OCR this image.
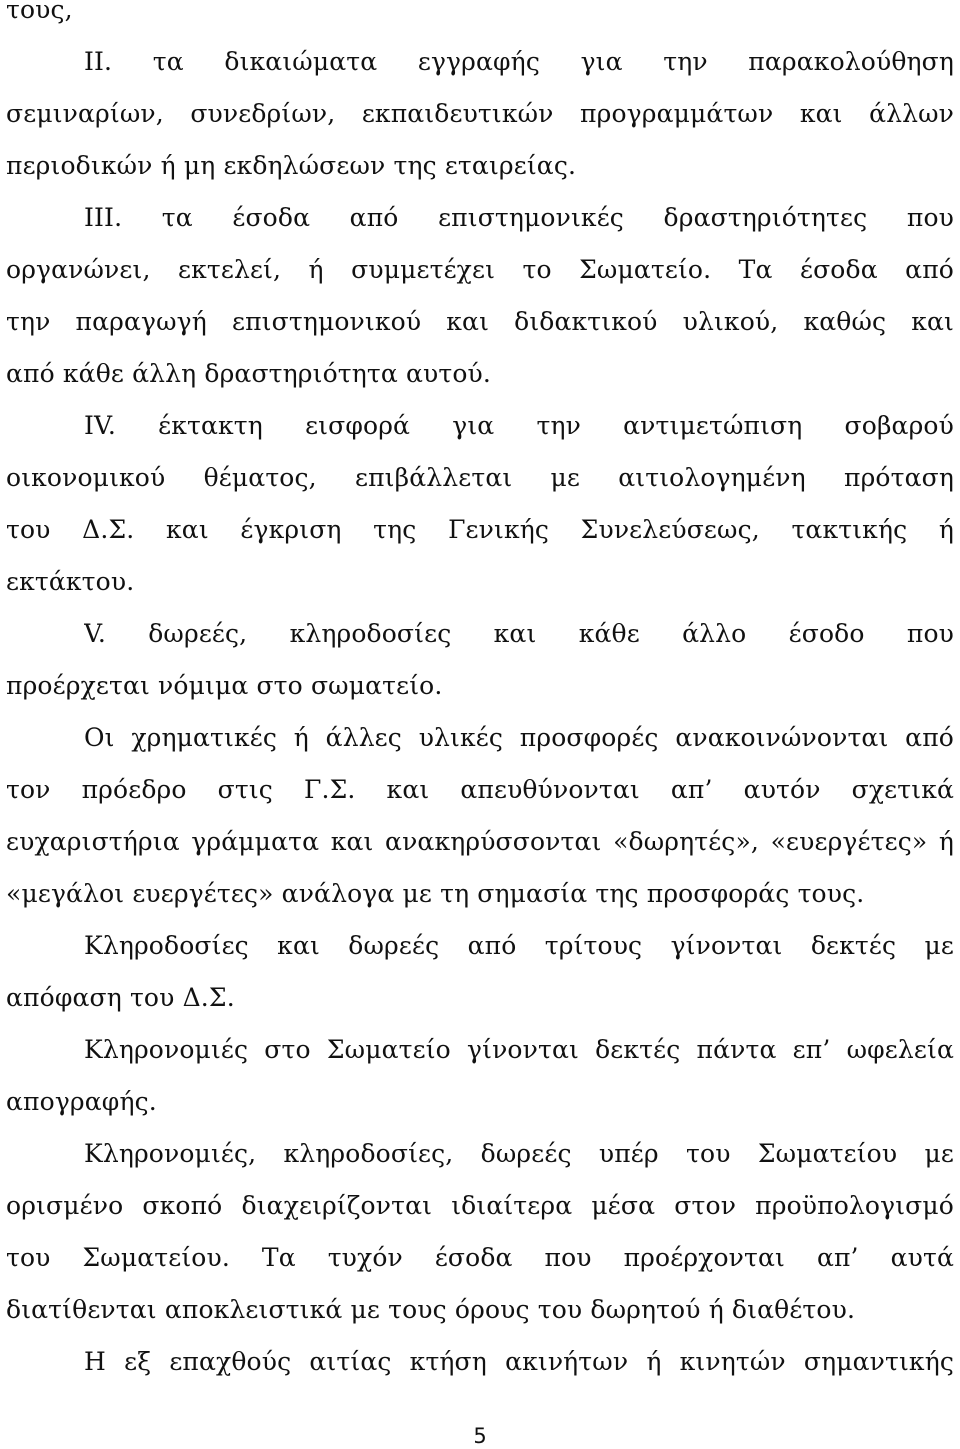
τους,
ΙΙ. τα δικαιώματα εγγραφής για την παρακολούθηση
σεμιναρίων, συνεδρίων, εκπαιδευτικών προγραμμάτων και άλλων
περιοδικών ή μη εκδηλώσεων της εταιρείας.
ΙΙΙ. τα έσοδα από επιστημονικές δραστηριότητες που
οργανώνει, εκτελεί, ή συμμετέχει το Σωματείο. Τα έσοδα από
την παραγωγή επιστημονικού και διδακτικού υλικού, καθώς και
από κάθε άλλη δραστηριότητα αυτού.
ΙV. έκτακτη εισφορά για την αντιμετώπιση σοβαρού
οικονομικού θέματος, επιβάλλεται με αιτιολογημένη πρόταση
του Δ.Σ. και έγκριση της Γενικής Συνελεύσεως, τακτικής ή
εκτάκτου.
V. δωρεές, κληροδοσίες και κάθε άλλο έσοδο που
προέρχεται νόμιμα στο σωματείο.
Οι χρηματικές ή άλλες υλικές προσφορές ανακοινώνονται από
τον πρόεδρο στις Γ.Σ. και απευθύνονται απ’ αυτόν σχετικά
ευχαριστήρια γράμματα και ανακηρύσσονται «δωρητές», «ευεργέτες» ή
«μεγάλοι ευεργέτες» ανάλογα με τη σημασία της προσφοράς τους.
Κληροδοσίες και δωρεές από τρίτους γίνονται δεκτές με
απόφαση του Δ.Σ.
Κληρονομιές στο Σωματείο γίνονται δεκτές πάντα επ’ ωφελεία
απογραφής.
Κληρονομιές, κληροδοσίες, δωρεές υπέρ του Σωματείου με
ορισμένο σκοπό διαχειρίζονται ιδιαίτερα μέσα στον προϋπολογισμό
του Σωματείου. Τα τυχόν έσοδα που προέρχονται απ’ αυτά
διατίθενται αποκλειστικά με τους όρους του δωρητού ή διαθέτου.
Η εξ επαχθούς αιτίας κτήση ακινήτων ή κινητών σημαντικής
5
